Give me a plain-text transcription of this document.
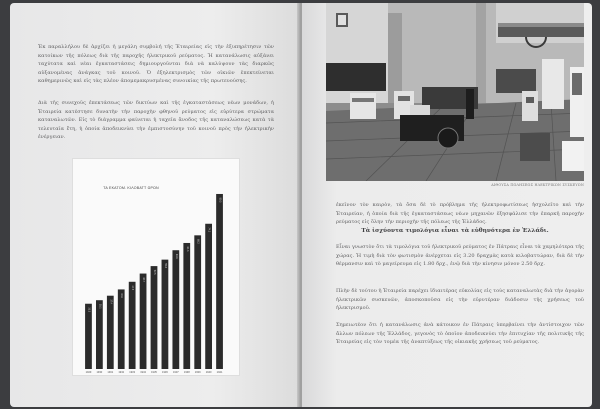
Ἐκ παραλλήλου δὲ ἀρχίζει ἡ μεγάλη συμβολή τῆς Ἐταιρείας εἰς τὴν ἐξυπηρέτησιν τῶν κατοίκων τῆς πόλεως διὰ τῆς παροχῆς ἠλεκτρικοῦ ρεύματος. Ἡ κατανάλωσις αὐξάνει ταχύτατα καὶ νέαι ἐγκαταστάσεις δημιουργοῦνται διὰ νὰ καλύψουν τὰς διαρκῶς αὐξανομένας ἀνάγκας τοῦ κοινοῦ. Ὁ ἐξηλεκτρισμὸς τῶν οἰκιῶν ἐπεκτείνεται καθημερινῶς καὶ εἰς τὰς πλέον ἀπομεμακρυσμένας συνοικίας τῆς πρωτευούσης.

Διὰ τῆς συνεχοῦς ἐπεκτάσεως τῶν δικτύων καὶ τῆς ἐγκαταστάσεως νέων μονάδων, ἡ Ἐταιρεία κατέστησε δυνατὴν τὴν παροχὴν φθηνοῦ ρεύματος εἰς εὐρύτερα στρώματα καταναλωτῶν. Εἰς τὸ διάγραμμα φαίνεται ἡ ταχεῖα ἄνοδος τῆς καταναλώσεως κατὰ τὰ τελευταῖα ἔτη, ἡ ὁποία ἀποδεικνύει τὴν ἐμπιστοσύνην τοῦ κοινοῦ πρὸς τὴν ἠλεκτρικὴν ἐνέργειαν.

ΤΑ ΕΚΑΤΟΜ. ΚΙΛΟΒΑΤΤ ΩΡΩΝ
33.3
35.1
37.4
40.6
44.5
48.7
52.5
55.8
60.6
64.3
68.2
74.1
89.3
1929 1930 1931 1932 1933 1934 1935 1936 1937 1938 1939 1940 1941
ΑΙΘΟΥΣΑ ΠΩΛΗΣΕΩΣ ΗΛΕΚΤΡΙΚΩΝ ΣΥΣΚΕΥΩΝ

ἐκεῖνον τὸν καιρὸν, τὰ ὅσα δὲ τὸ πρόβλημα τῆς ἠλεκτροφωτίσεως ἠσχολεῖτο καὶ τὴν Ἑταιρείαν, ἡ ὁποία διὰ τῆς ἐγκαταστάσεως νέων μηχανῶν ἐξησφάλισε τὴν ἐπαρκῆ παροχὴν ρεύματος εἰς ὅλην τὴν περιοχὴν τῆς πόλεως τῆς Ἑλλάδος.

Τὰ ἰσχύοντα τιμολόγια εἶναι τὰ εὐθηνότερα ἐν Ἑλλάδι.

Εἶναι γνωστὸν ὅτι τὰ τιμολόγια τοῦ ἠλεκτρικοῦ ρεύματος ἐν Πάτραις εἶναι τὰ χαμηλότερα τῆς χώρας. Ἡ τιμὴ διὰ τὸν φωτισμὸν ἀνέρχεται εἰς 3.20 δραχμὰς κατὰ κιλοβαττώραν, διὰ δὲ τὴν θέρμανσιν καὶ τὸ μαγείρευμα εἰς 1.80 δρχ., ἐνῷ διὰ τὴν κίνησιν μόνον 2.50 δρχ.

Πλὴν δὲ τούτου ἡ Ἑταιρεία παρέχει ἰδιαιτέρας εὐκολίας εἰς τοὺς καταναλωτὰς διὰ τὴν ἀγορὰν ἠλεκτρικῶν συσκευῶν, ἀποσκοποῦσα εἰς τὴν εὐρυτέραν διάδοσιν τῆς χρήσεως τοῦ ἠλεκτρισμοῦ.

Σημειωτέον ὅτι ἡ κατανάλωσις ἀνὰ κάτοικον ἐν Πάτραις ὑπερβαίνει τὴν ἀντίστοιχον τῶν ἄλλων πόλεων τῆς Ἑλλάδος, γεγονὸς τὸ ὁποῖον ἀποδεικνύει τὴν ἐπιτυχίαν τῆς πολιτικῆς τῆς Ἑταιρείας εἰς τὸν τομέα τῆς ἀναπτύξεως τῆς οἰκιακῆς χρήσεως τοῦ ρεύματος.
